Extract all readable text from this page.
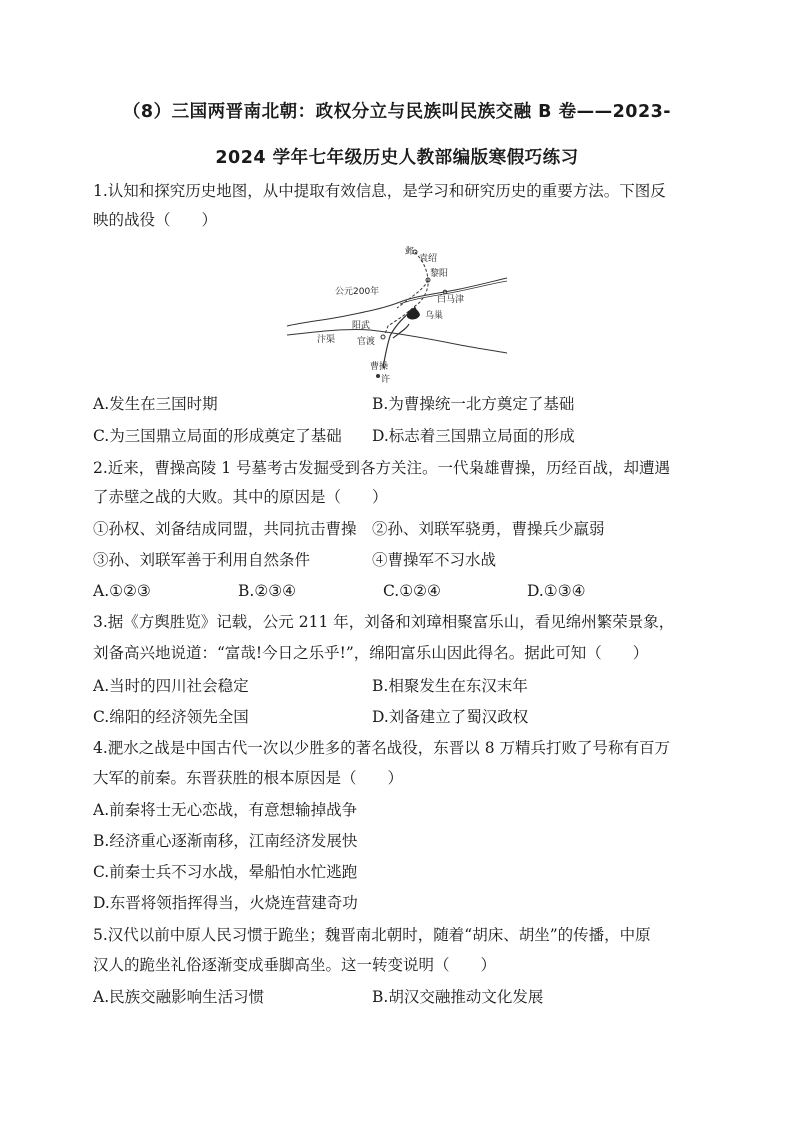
（8）三国两晋南北朝：政权分立与民族叫民族交融 B 卷——2023-
2024 学年七年级历史人教部编版寒假巧练习
1.认知和探究历史地图，从中提取有效信息，是学习和研究历史的重要方法。下图反
映的战役（　　）
邺
袁绍
黎阳
公元200年
白马津
乌巢
阳武
汴渠 官渡
曹操
许
A.发生在三国时期	B.为曹操统一北方奠定了基础
C.为三国鼎立局面的形成奠定了基础 D.标志着三国鼎立局面的形成
2.近来，曹操高陵 1 号墓考古发掘受到各方关注。一代枭雄曹操，历经百战，却遭遇
了赤壁之战的大败。其中的原因是（　　）
①孙权、刘备结成同盟，共同抗击曹操　②孙、刘联军骁勇，曹操兵少羸弱
③孙、刘联军善于利用自然条件　　　　④曹操军不习水战
A.①②③	B.②③④	C.①②④	D.①③④
3.据《方舆胜览》记载，公元 211 年，刘备和刘璋相聚富乐山，看见绵州繁荣景象，
刘备高兴地说道：“富哉!今日之乐乎!”，绵阳富乐山因此得名。据此可知（　　）
A.当时的四川社会稳定	B.相聚发生在东汉末年
C.绵阳的经济领先全国	D.刘备建立了蜀汉政权
4.淝水之战是中国古代一次以少胜多的著名战役，东晋以 8 万精兵打败了号称有百万
大军的前秦。东晋获胜的根本原因是（　　）
A.前秦将士无心恋战，有意想输掉战争
B.经济重心逐渐南移，江南经济发展快
C.前秦士兵不习水战，晕船怕水忙逃跑
D.东晋将领指挥得当，火烧连营建奇功
5.汉代以前中原人民习惯于跪坐；魏晋南北朝时，随着“胡床、胡坐”的传播，中原
汉人的跪坐礼俗逐渐变成垂脚高坐。这一转变说明（　　）
A.民族交融影响生活习惯	B.胡汉交融推动文化发展
